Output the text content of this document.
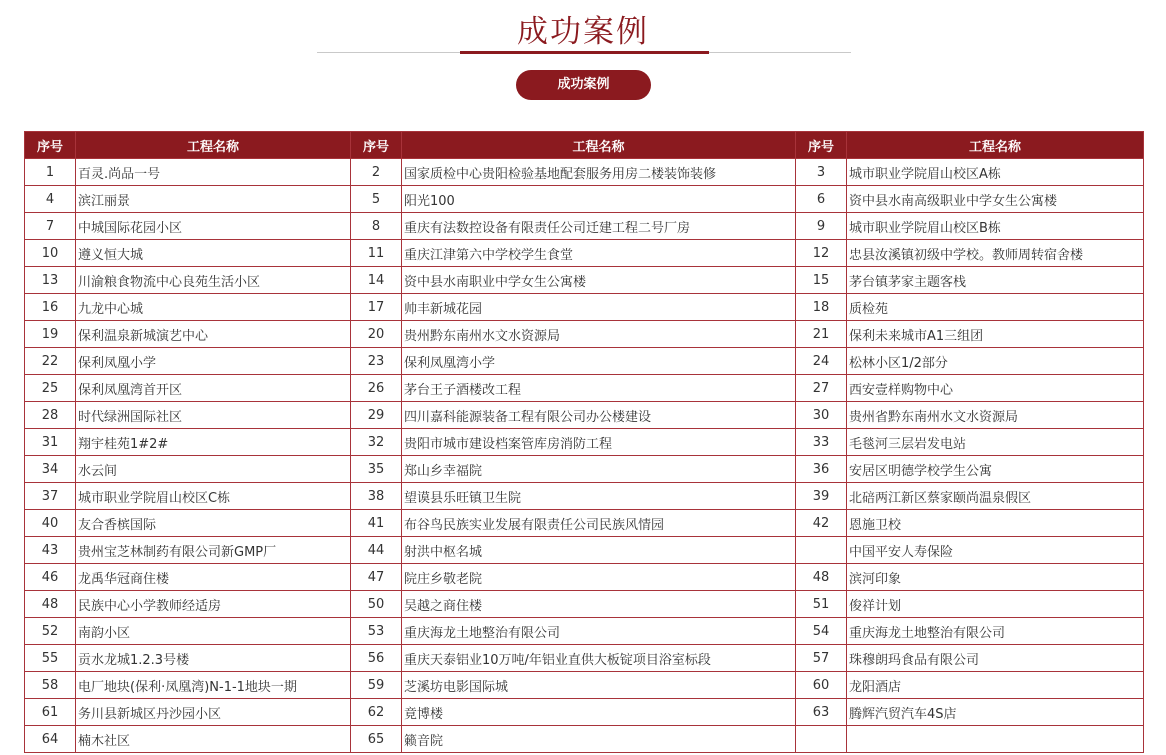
成功案例
成功案例
序号	工程名称	序号	工程名称	序号	工程名称
1	百灵.尚品一号	2	国家质检中心贵阳检验基地配套服务用房二楼装饰装修	3	城市职业学院眉山校区A栋
4	滨江丽景	5	阳光100	6	资中县水南高级职业中学女生公寓楼
7	中城国际花园小区	8	重庆有法数控设备有限责任公司迁建工程二号厂房	9	城市职业学院眉山校区B栋
10	遵义恒大城	11	重庆江津第六中学校学生食堂	12	忠县汝溪镇初级中学校。教师周转宿舍楼
13	川渝粮食物流中心良苑生活小区	14	资中县水南职业中学女生公寓楼	15	茅台镇茅家主题客栈
16	九龙中心城	17	帅丰新城花园	18	质检苑
19	保利温泉新城演艺中心	20	贵州黔东南州水文水资源局	21	保利未来城市A1三组团
22	保利凤凰小学	23	保利凤凰湾小学	24	松林小区1/2部分
25	保利凤凰湾首开区	26	茅台王子酒楼改工程	27	西安壹样购物中心
28	时代绿洲国际社区	29	四川嘉科能源装备工程有限公司办公楼建设	30	贵州省黔东南州水文水资源局
31	翔宇桂苑1#2#	32	贵阳市城市建设档案管库房消防工程	33	毛毯河三层岩发电站
34	水云间	35	郑山乡幸福院	36	安居区明德学校学生公寓
37	城市职业学院眉山校区C栋	38	望谟县乐旺镇卫生院	39	北碚两江新区蔡家颐尚温泉假区
40	友合香槟国际	41	布谷鸟民族实业发展有限责任公司民族风情园	42	恩施卫校
43	贵州宝芝林制药有限公司新GMP厂	44	射洪中枢名城		中国平安人寿保险
46	龙禹华冠商住楼	47	院庄乡敬老院	48	滨河印象
48	民族中心小学教师经适房	50	吴越之商住楼	51	俊祥计划
52	南韵小区	53	重庆海龙土地整治有限公司	54	重庆海龙土地整治有限公司
55	贡水龙城1.2.3号楼	56	重庆天泰铝业10万吨/年铝业直供大板锭项目浴室标段	57	珠穆朗玛食品有限公司
58	电厂地块(保利·凤凰湾)N-1-1地块一期	59	芝溪坊电影国际城	60	龙阳酒店
61	务川县新城区丹沙园小区	62	竟博楼	63	腾辉汽贸汽车4S店
64	楠木社区	65	籁音院		
